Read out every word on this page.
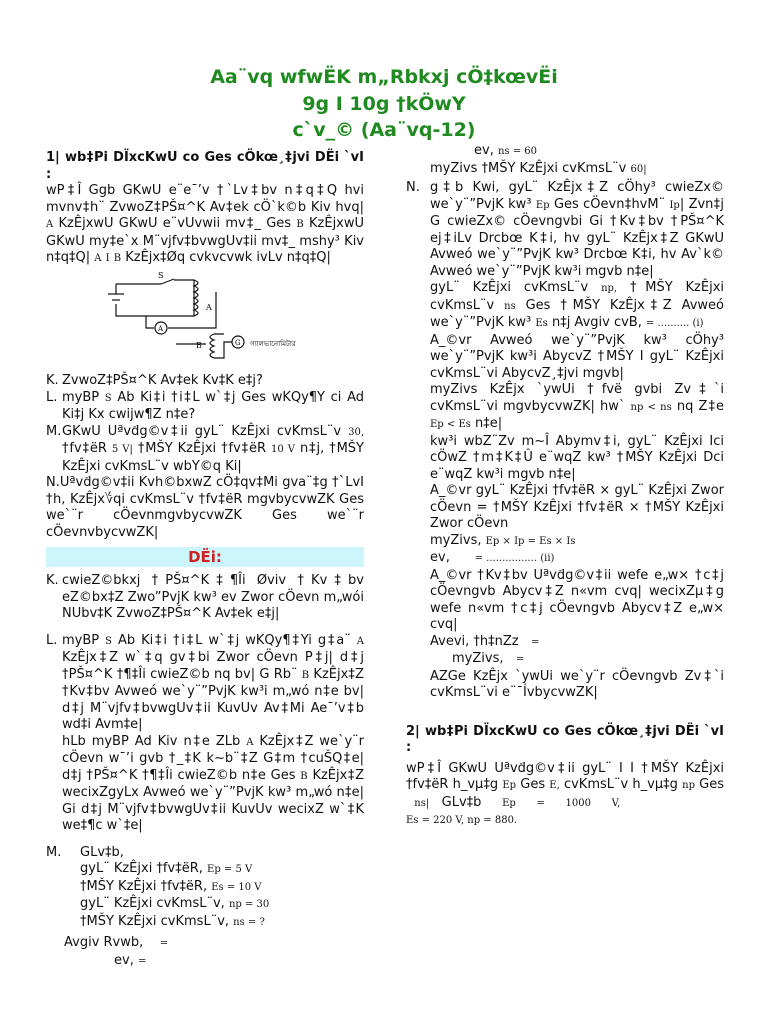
Aa¨vq wfwËK m„Rbkxj cÖ‡kœvËi
9g I 10g †kÖwY
c`v_© (Aa¨vq-12)

1| wb‡Pi DÏxcKwU co Ges cÖkœ¸‡jvi DËi `vI :

wP‡Î Ggb GKwU e¨e¯’v †`Lv‡bv n‡q‡Q hvi mvnv‡h¨ ZvwoZ‡PŠ¤^K Av‡ek cÖ`k©b Kiv hvq| A KzÊjxwU GKwU e¨vUvwii mv‡_ Ges B KzÊjxwU GKwU my‡e`x M¨vjfv‡bvwgUv‡ii mv‡_ mshy³ Kiv n‡q‡Q| A I B KzÊjx‡Øq cvkvcvwk ivLv n‡q‡Q|

S
A
A
B	G গ্যালভানোমিটার
K. ZvwoZ‡PŠ¤^K Av‡ek Kv‡K e‡j?
L. myBP S Ab Ki‡i †i‡L w`‡j Ges wKQy¶Y ci Ad Ki‡j Kx cwijw¶Z n‡e?
M. GKwU Uªv݇dg©v‡ii gyL¨ KzÊjxi cvKmsL¨v 30, †fv‡ëR 5 V| †MŠY KzÊjxi †fv‡ëR 10 V n‡j, †MŠY KzÊjxi cvKmsL¨v wbY©q Ki|

N.Uªv݇dg©v‡ii Kvh©bxwZ cÖ‡qv‡Mi gva¨‡g †`LvI †h, KzÊjx؇qi cvKmsL¨v †fv‡ëR mgvbycvwZK Ges we`¨r cÖevnmgvbycvwZK Ges we`¨r cÖevnvbycvwZK|

DËi:
K. cwieZ©bkxj †PŠ¤^K‡¶Îi Øviv †Kv‡bv eZ©bx‡Z Zwo”PvjK kw³ ev Zwor cÖevn m„wói NUbv‡K ZvwoZ‡PŠ¤^K Av‡ek e‡j|
L. myBP S Ab Ki‡i †i‡L w`‡j wKQy¶‡Yi g‡a¨ A KzÊjx‡Z w`‡q gv‡bi Zwor cÖevn P‡j| d‡j †PŠ¤^K †¶‡Îi cwieZ©b nq bv| G Rb¨ B KzÊjx‡Z †Kv‡bv Avweó we`y¨”PvjK kw³i m„wó n‡e bv| d‡j M¨vjfv‡bvwgUv‡ii KuvUv Av‡Mi Ae¯’v‡b wd‡i Avm‡e|
hLb myBP Ad Kiv n‡e ZLb A KzÊjx‡Z we`y¨r cÖevn w¯’i gvb †_‡K k~b¨‡Z G‡m †cuŠQ‡e| d‡j †PŠ¤^K †¶‡Îi cwieZ©b n‡e Ges B KzÊjx‡Z wecixZgyLx Avweó we`y¨”PvjK kw³ m„wó n‡e| Gi d‡j M¨vjfv‡bvwgUv‡ii KuvUv wecixZ w`‡K we‡¶c w`‡e|
M.	GLv‡b,
gyL¨ KzÊjxi †fv‡ëR, Ep = 5 V
†MŠY KzÊjxi †fv‡ëR, Es = 10 V
gyL¨ KzÊjxi cvKmsL¨v, np = 30
†MŠY KzÊjxi cvKmsL¨v, ns = ?
Avgiv Rvwb, =
ev, =
ev, ns = 60
myZivs †MŠY KzÊjxi cvKmsL¨v 60|
N. g‡b Kwi, gyL¨ KzÊjx‡Z cÖhy³ cwieZx© we`y¨”PvjK kw³ Ep Ges cÖevn‡hvM¨ Ip| Zvn‡j G cwieZx© cÖevngvbi Gi †Kv‡bv †PŠ¤^K ej‡iLv Drcbœ K‡i, hv gyL¨ KzÊjx‡Z GKwU Avweó we`y¨”PvjK kw³ Drcbœ K‡i, hv Av`k© Avweó we`y¨”PvjK kw³i mgvb n‡e|
gyL¨ KzÊjxi cvKmsL¨v np, †MŠY KzÊjxi cvKmsL¨v ns Ges †MŠY KzÊjx‡Z Avweó we`y¨”PvjK kw³ Es n‡j Avgiv cvB, = .......... (i)
A_©vr Avweó we`y¨”PvjK kw³ cÖhy³ we`y¨”PvjK kw³i AbycvZ †MŠY I gyL¨ KzÊjxi cvKmsL¨vi AbycvZ¸‡jvi mgvb|
myZivs KzÊjx `ywUi †fvë gvbi Zv‡`i cvKmsL¨vi mgvbycvwZK| hw` np < ns nq Z‡e Ep < Es n‡e|
kw³i wbZ¨Zv m~Î Abymv‡i, gyL¨ KzÊjxi Ici cÖwZ †m‡K‡Û e¨wqZ kw³ †MŠY KzÊjxi Dci e¨wqZ kw³i mgvb n‡e|
A_©vr gyL¨ KzÊjxi †fv‡ëR × gyL¨ KzÊjxi Zwor cÖevn = †MŠY KzÊjxi †fv‡ëR × †MŠY KzÊjxi Zwor cÖevn
myZivs, Ep × Ip = Es × Is
ev, = ................ (ii)
A_©vr †Kv‡bv Uªv݇dg©v‡ii wefe e„w× †c‡j cÖevngvb Abycv‡Z n«vm cvq| wecixZµ‡g wefe n«vm †c‡j cÖevngvb Abycv‡Z e„w× cvq|
Avevi, †h‡nZz =
myZivs, =
AZGe KzÊjx `ywUi we`y¨r cÖevngvb Zv‡`i cvKmsL¨vi e¨¯ÍvbycvwZK|

2| wb‡Pi DÏxcKwU co Ges cÖkœ¸‡jvi DËi `vI :

wP‡Î GKwU Uªv݇dg©v‡ii gyL¨ I I †MŠY KzÊjxi †fv‡ëR h_vµ‡g Ep Ges E, cvKmsL¨v h_vµ‡g np Ges   ns| GLv‡b Ep = 1000 V,
Es = 220 V, np = 880.
